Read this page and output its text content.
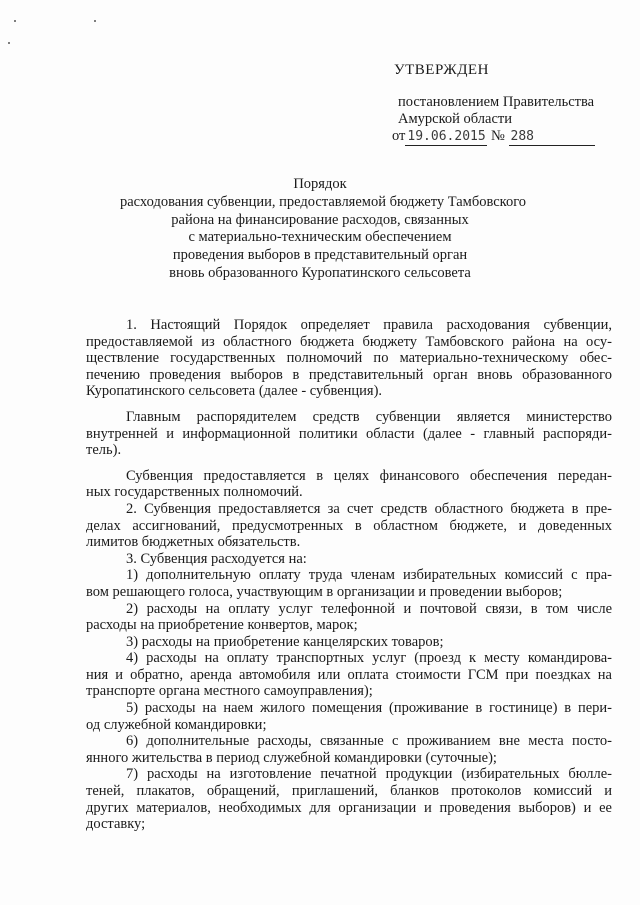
УТВЕРЖДЕН
постановлением Правительства
Амурской области
от 19.06.2015 № 288
Порядок
расходования субвенции, предоставляемой бюджету Тамбовского
района на финансирование расходов, связанных
с материально-техническим обеспечением
проведения выборов в представительный орган
вновь образованного Куропатинского сельсовета
1. Настоящий Порядок определяет правила расходования субвенции,
предоставляемой из областного бюджета бюджету Тамбовского района на осу-
ществление государственных полномочий по материально-техническому обес-
печению проведения выборов в представительный орган вновь образованного
Куропатинского сельсовета (далее - субвенция).
Главным распорядителем средств субвенции является министерство
внутренней и информационной политики области (далее - главный распоряди-
тель).
Субвенция предоставляется в целях финансового обеспечения передан-
ных государственных полномочий.
2. Субвенция предоставляется за счет средств областного бюджета в пре-
делах ассигнований, предусмотренных в областном бюджете, и доведенных
лимитов бюджетных обязательств.
3. Субвенция расходуется на:
1) дополнительную оплату труда членам избирательных комиссий с пра-
вом решающего голоса, участвующим в организации и проведении выборов;
2) расходы на оплату услуг телефонной и почтовой связи, в том числе
расходы на приобретение конвертов, марок;
3) расходы на приобретение канцелярских товаров;
4) расходы на оплату транспортных услуг (проезд к месту командирова-
ния и обратно, аренда автомобиля или оплата стоимости ГСМ при поездках на
транспорте органа местного самоуправления);
5) расходы на наем жилого помещения (проживание в гостинице) в пери-
од служебной командировки;
6) дополнительные расходы, связанные с проживанием вне места посто-
янного жительства в период служебной командировки (суточные);
7) расходы на изготовление печатной продукции (избирательных бюлле-
теней, плакатов, обращений, приглашений, бланков протоколов комиссий и
других материалов, необходимых для организации и проведения выборов) и ее
доставку;
